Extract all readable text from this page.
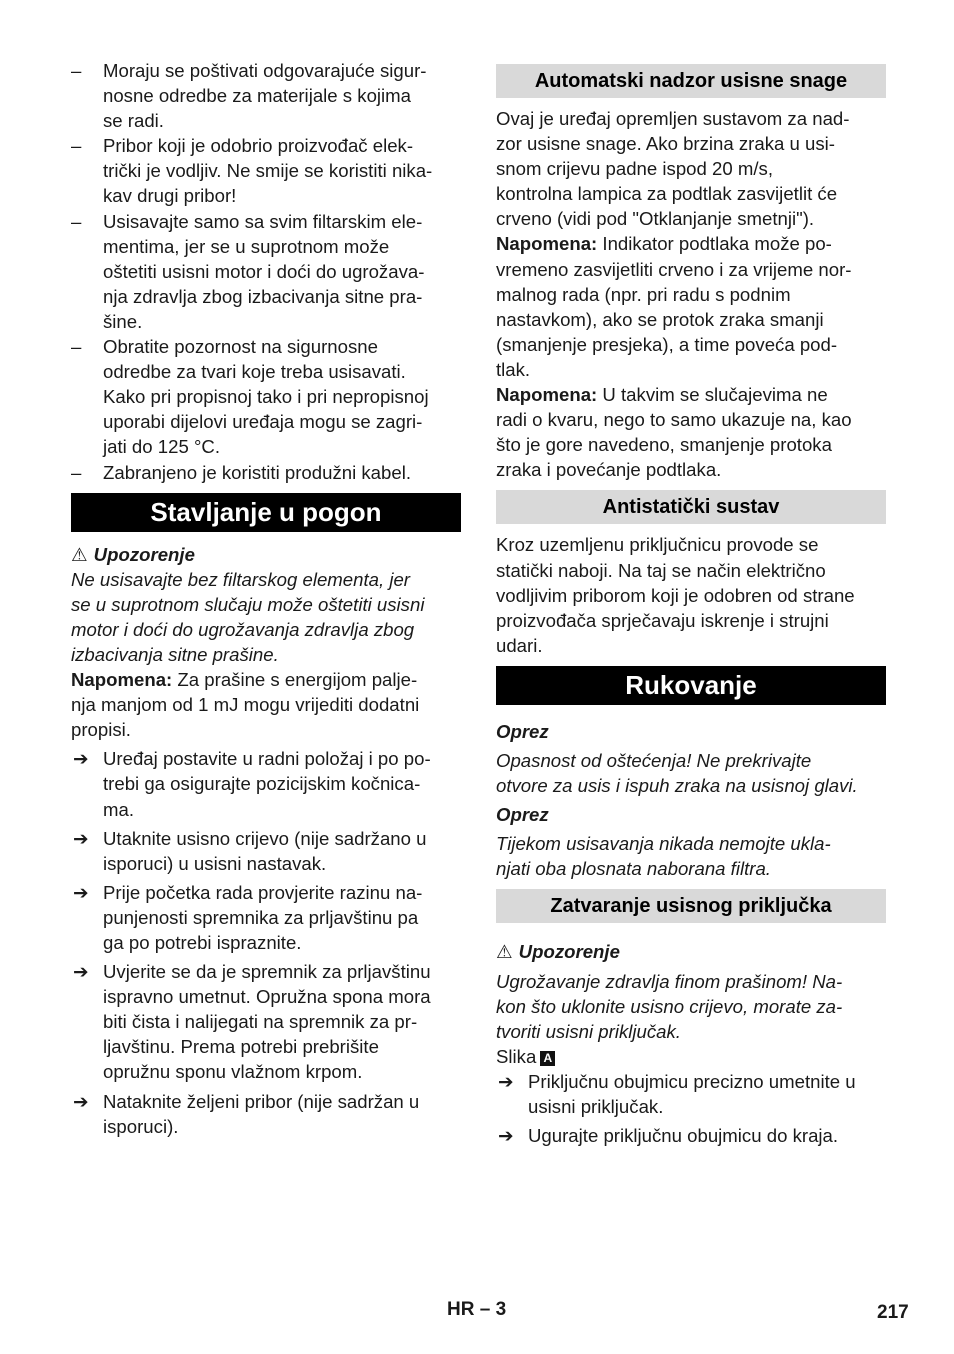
–	Moraju se poštivati odgovarajuće sigur-
nosne odredbe za materijale s kojima
se radi.

–	Pribor koji je odobrio proizvođač elek-
trički je vodljiv. Ne smije se koristiti nika-
kav drugi pribor!

–	Usisavajte samo sa svim filtarskim ele-
mentima, jer se u suprotnom može
oštetiti usisni motor i doći do ugrožava-
nja zdravlja zbog izbacivanja sitne pra-
šine.

–	Obratite pozornost na sigurnosne
odredbe za tvari koje treba usisavati.
Kako pri propisnoj tako i pri nepropisnoj
uporabi dijelovi uređaja mogu se zagri-
jati do 125 °C.

–	Zabranjeno je koristiti produžni kabel.

Stavljanje u pogon
⚠ Upozorenje

Ne usisavajte bez filtarskog elementa, jer
se u suprotnom slučaju može oštetiti usisni
motor i doći do ugrožavanja zdravlja zbog
izbacivanja sitne prašine.

Napomena: Za prašine s energijom palje-
nja manjom od 1 mJ mogu vrijediti dodatni
propisi.

➔ Uređaj postavite u radni položaj i po po-
trebi ga osigurajte pozicijskim kočnica-
ma.

➔ Utaknite usisno crijevo (nije sadržano u
isporuci) u usisni nastavak.

➔ Prije početka rada provjerite razinu na-
punjenosti spremnika za prljavštinu pa
ga po potrebi ispraznite.

➔ Uvjerite se da je spremnik za prljavštinu
ispravno umetnut. Opružna spona mora
biti čista i nalijegati na spremnik za pr-
ljavštinu. Prema potrebi prebrišite
opružnu sponu vlažnom krpom.

➔ Nataknite željeni pribor (nije sadržan u
isporuci).

Automatski nadzor usisne snage

Ovaj je uređaj opremljen sustavom za nad-
zor usisne snage. Ako brzina zraka u usi-
snom crijevu padne ispod 20 m/s,
kontrolna lampica za podtlak zasvijetlit će
crveno (vidi pod "Otklanjanje smetnji").

Napomena: Indikator podtlaka može po-
vremeno zasvijetliti crveno i za vrijeme nor-
malnog rada (npr. pri radu s podnim
nastavkom), ako se protok zraka smanji
(smanjenje presjeka), a time poveća pod-
tlak.

Napomena: U takvim se slučajevima ne
radi o kvaru, nego to samo ukazuje na, kao
što je gore navedeno, smanjenje protoka
zraka i povećanje podtlaka.

Antistatički sustav

Kroz uzemljenu priključnicu provode se
statički naboji. Na taj se način električno
vodljivim priborom koji je odobren od strane
proizvođača sprječavaju iskrenje i strujni
udari.

Rukovanje

Oprez

Opasnost od oštećenja! Ne prekrivajte
otvore za usis i ispuh zraka na usisnoj glavi.

Oprez

Tijekom usisavanja nikada nemojte ukla-
njati oba plosnata naborana filtra.

Zatvaranje usisnog priključka
⚠ Upozorenje

Ugrožavanje zdravlja finom prašinom! Na-
kon što uklonite usisno crijevo, morate za-
tvoriti usisni priključak.

Slika A

➔ Priključnu obujmicu precizno umetnite u
usisni priključak.

➔ Ugurajte priključnu obujmicu do kraja.

HR – 3	217
